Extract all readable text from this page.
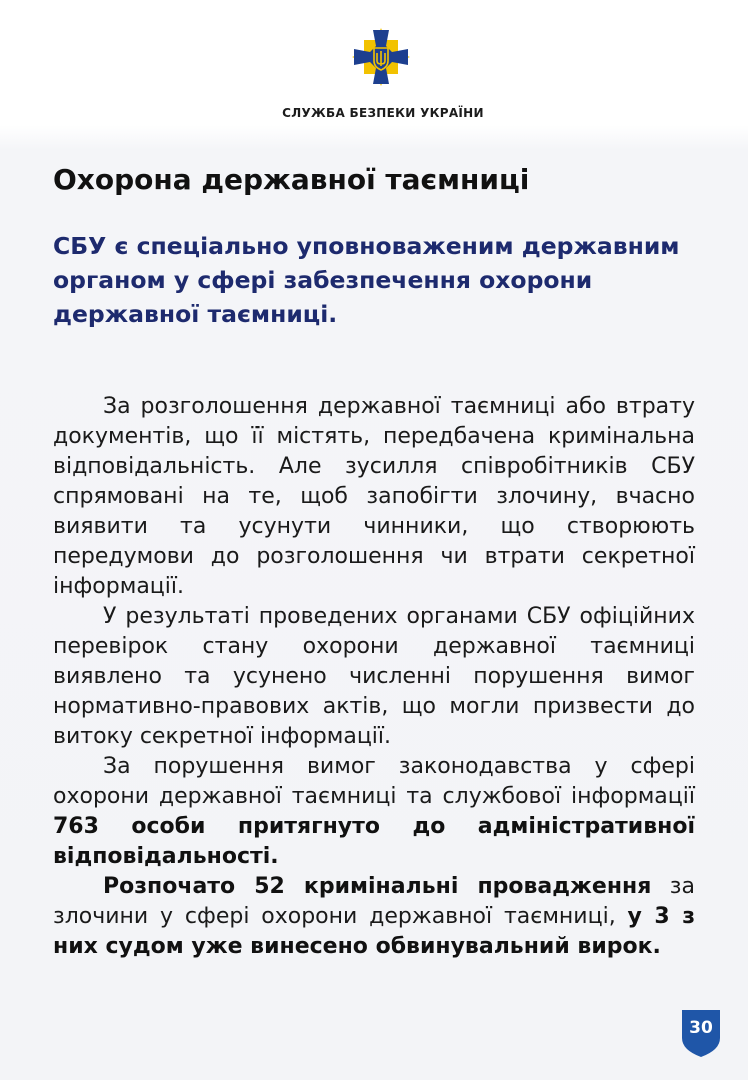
СЛУЖБА БЕЗПЕКИ УКРАЇНИ
Охорона державної таємниці

СБУ є спеціально уповноваженим державним органом у сфері забезпечення охорони державної таємниці.

За розголошення державної таємниці або втрату документів, що її містять, передбачена кримінальна відповідальність. Але зусилля співробітників СБУ спрямовані на те, щоб запобігти злочину, вчасно виявити та усунути чинники, що створюють передумови до розголошення чи втрати секретної інформації.

У результаті проведених органами СБУ офіційних перевірок стану охорони державної таємниці виявлено та усунено численні порушення вимог нормативно-правових актів, що могли призвести до витоку секретної інформації.

За порушення вимог законодавства у сфері охорони державної таємниці та службової інформації 763 особи притягнуто до адміністративної відповідальності.

Розпочато 52 кримінальні провадження за злочини у сфері охорони державної таємниці, у 3 з них судом уже винесено обвинувальний вирок.

30
